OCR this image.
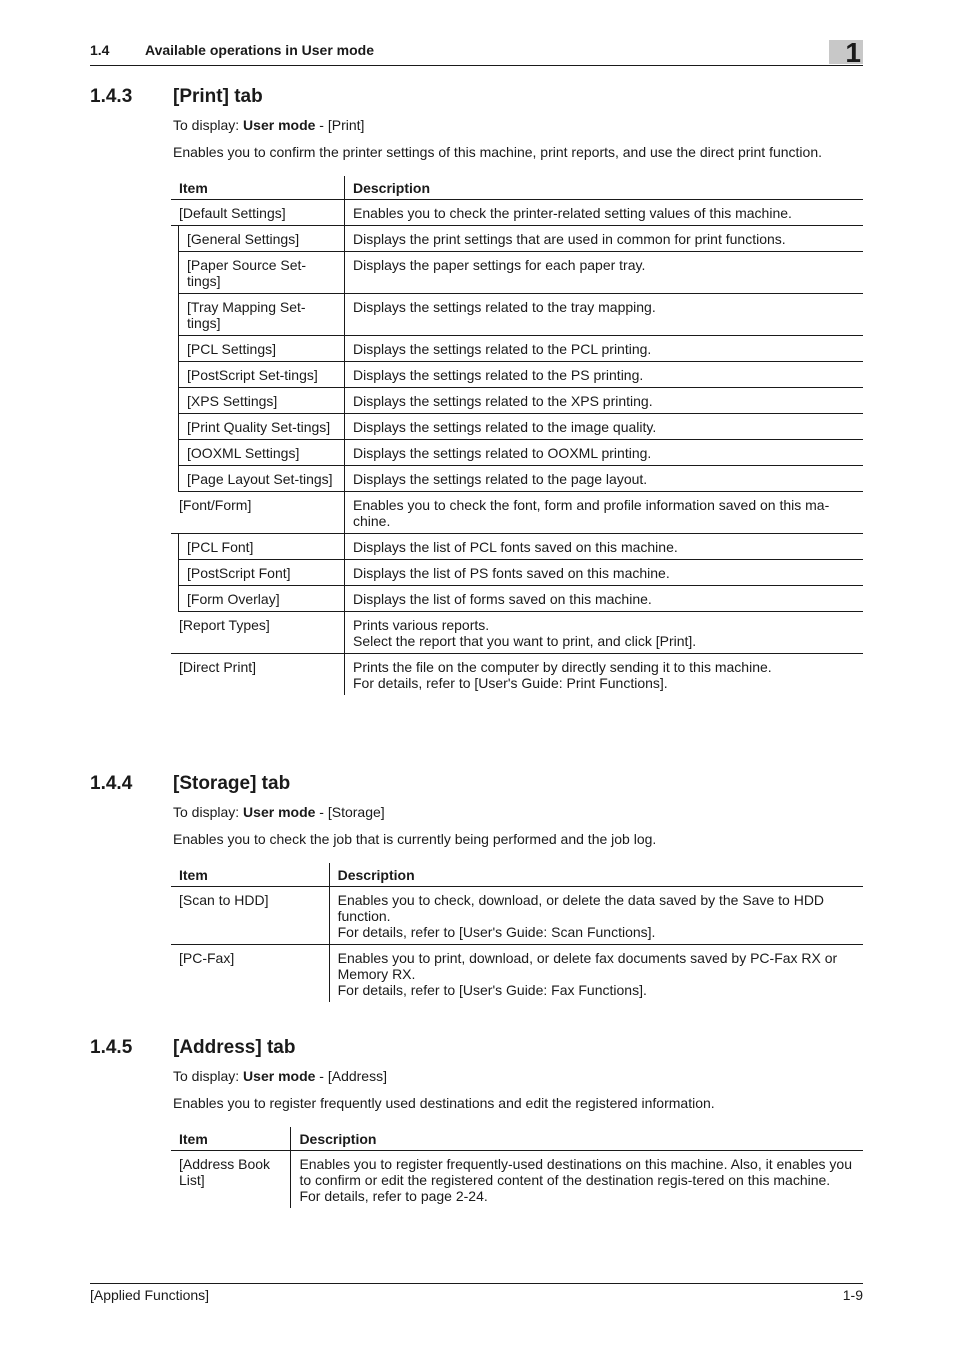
1.4	Available operations in User mode	1
1.4.3 [Print] tab
To display: User mode - [Print]
Enables you to confirm the printer settings of this machine, print reports, and use the direct print function.
Item		Description
[Default Settings]		Enables you to check the printer-related setting values of this machine.

	[General Settings]	Displays the print settings that are used in common for print functions.

	[Paper Source Set-tings]	Displays the paper settings for each paper tray.

	[Tray Mapping Set-tings]	Displays the settings related to the tray mapping.

	[PCL Settings]	Displays the settings related to the PCL printing.

	[PostScript Set-tings]	Displays the settings related to the PS printing.

	[XPS Settings]	Displays the settings related to the XPS printing.

	[Print Quality Set-tings]	Displays the settings related to the image quality.

	[OOXML Settings]	Displays the settings related to OOXML printing.

	[Page Layout Set-tings]	Displays the settings related to the page layout.

[Font/Form]		Enables you to check the font, form and profile information saved on this ma-chine.

	[PCL Font]	Displays the list of PCL fonts saved on this machine.

	[PostScript Font]	Displays the list of PS fonts saved on this machine.

	[Form Overlay]	Displays the list of forms saved on this machine.

[Report Types]		Prints various reports.
Select the report that you want to print, and click [Print].

[Direct Print]		Prints the file on the computer by directly sending it to this machine.
For details, refer to [User's Guide: Print Functions].
1.4.4 [Storage] tab
To display: User mode - [Storage]
Enables you to check the job that is currently being performed and the job log.
Item	Description
[Scan to HDD]	Enables you to check, download, or delete the data saved by the Save to HDD function.
For details, refer to [User's Guide: Scan Functions].

[PC-Fax]	Enables you to print, download, or delete fax documents saved by PC-Fax RX or Memory RX.
For details, refer to [User's Guide: Fax Functions].
1.4.5 [Address] tab
To display: User mode - [Address]
Enables you to register frequently used destinations and edit the registered information.
Item	Description
[Address Book List]	Enables you to register frequently-used destinations on this machine. Also, it enables you to confirm or edit the registered content of the destination regis-tered on this machine.
For details, refer to page 2-24.
[Applied Functions]	1-9
